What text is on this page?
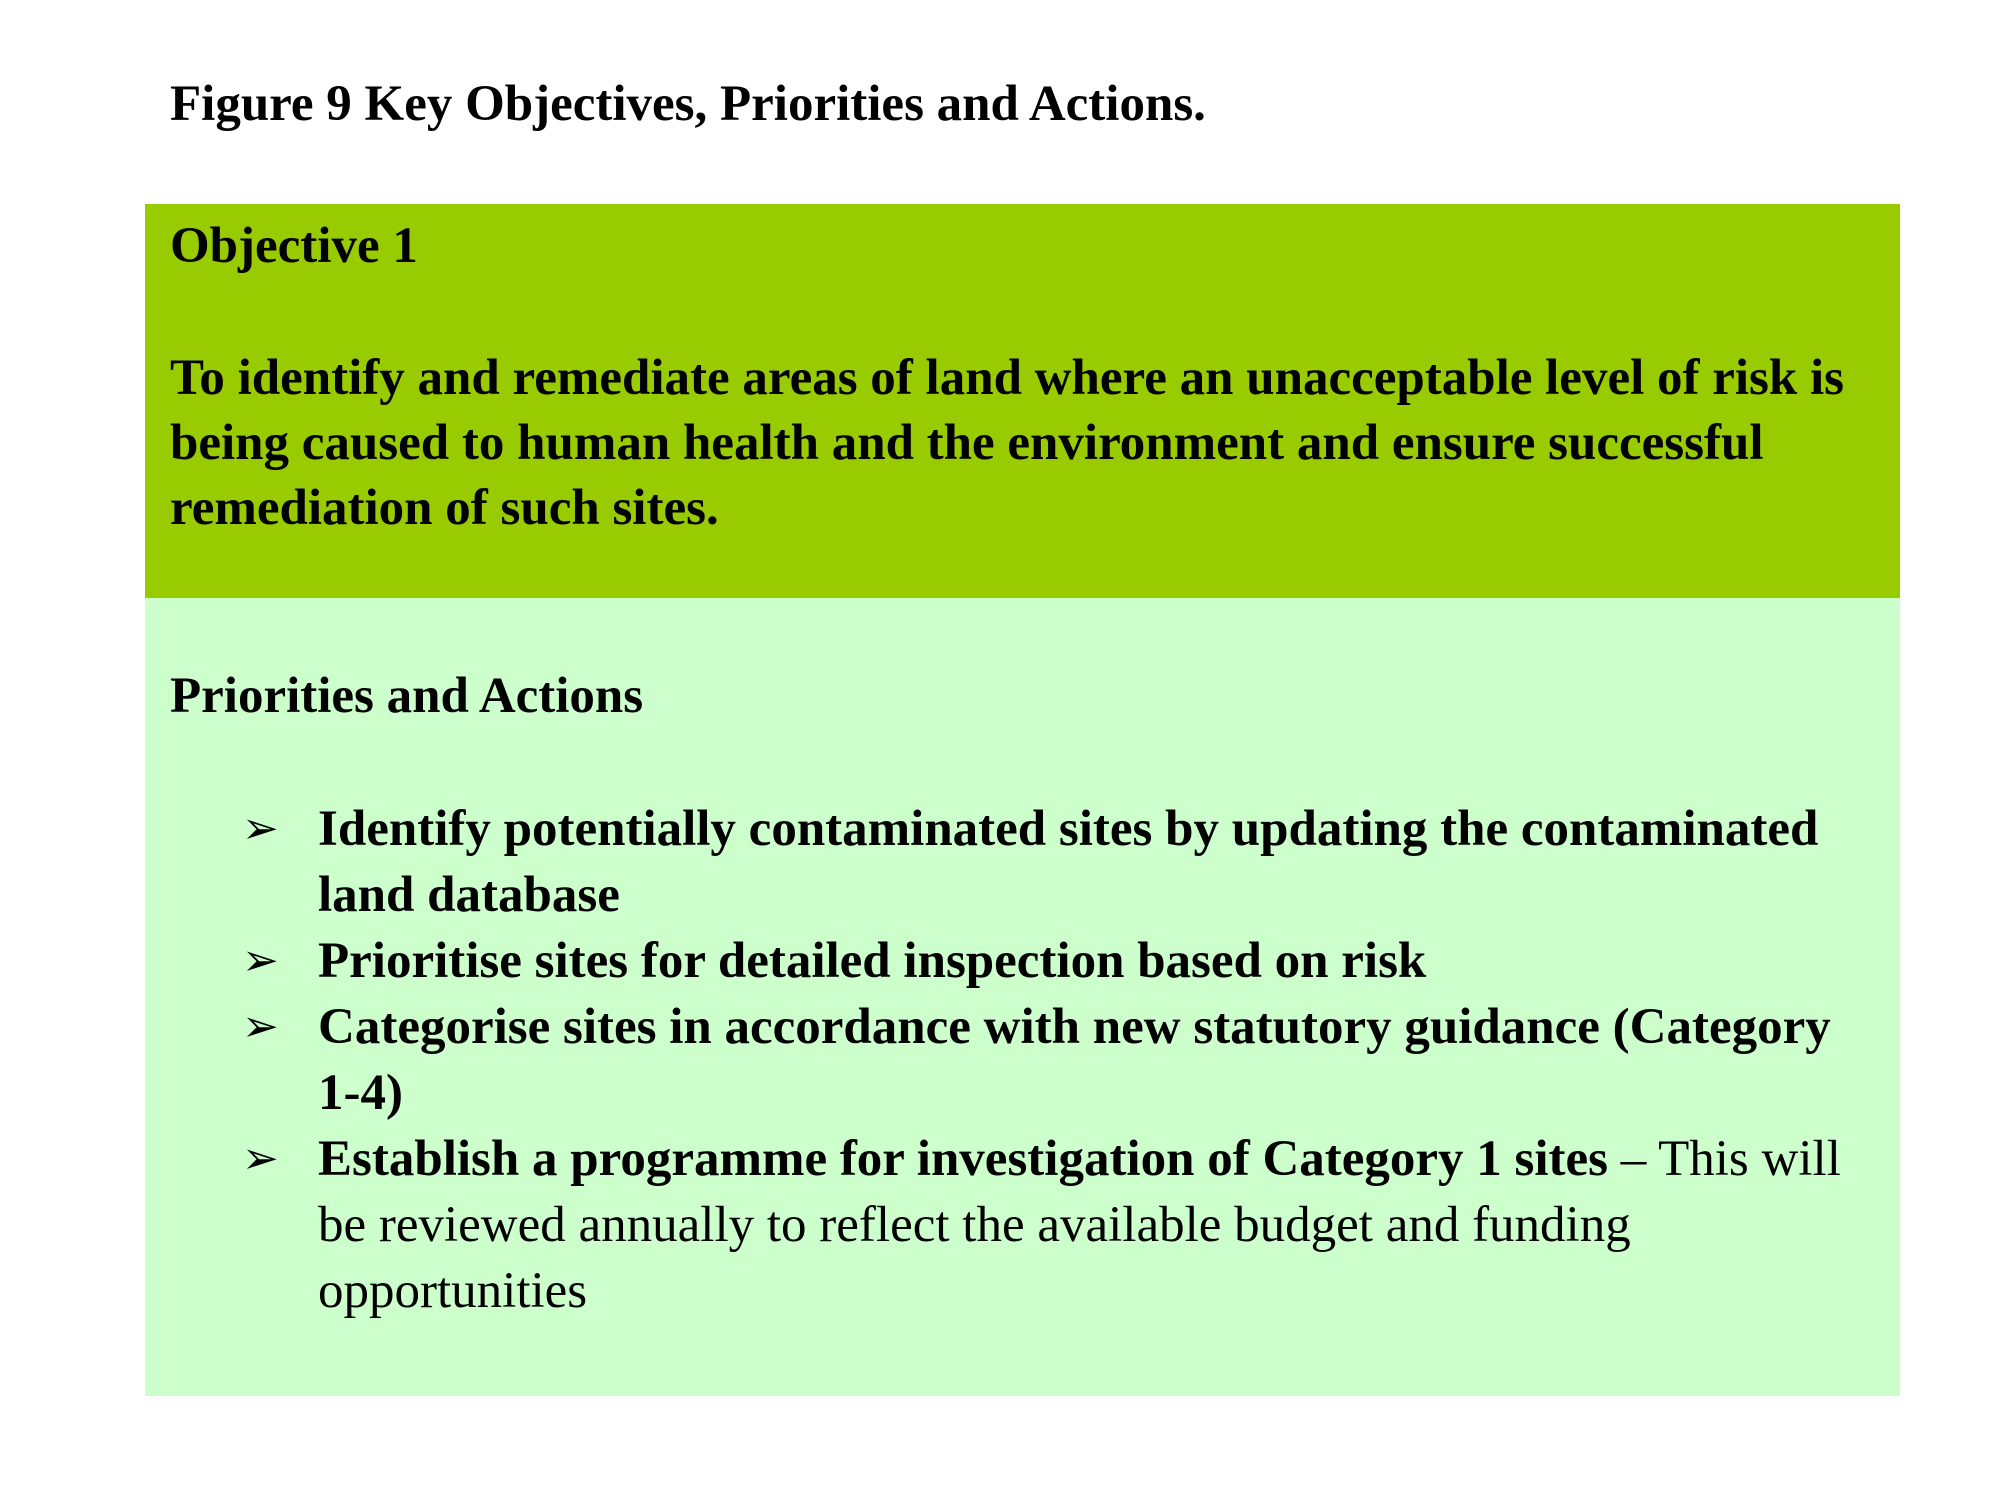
Figure 9 Key Objectives, Priorities and Actions.
Objective 1
To identify and remediate areas of land where an unacceptable level of risk is being caused to human health and the environment and ensure successful remediation of such sites.
Priorities and Actions
➢ Identify potentially contaminated sites by updating the contaminated land database
➢ Prioritise sites for detailed inspection based on risk
➢ Categorise sites in accordance with new statutory guidance (Category 1-4)
➢ Establish a programme for investigation of Category 1 sites – This will be reviewed annually to reflect the available budget and funding opportunities
